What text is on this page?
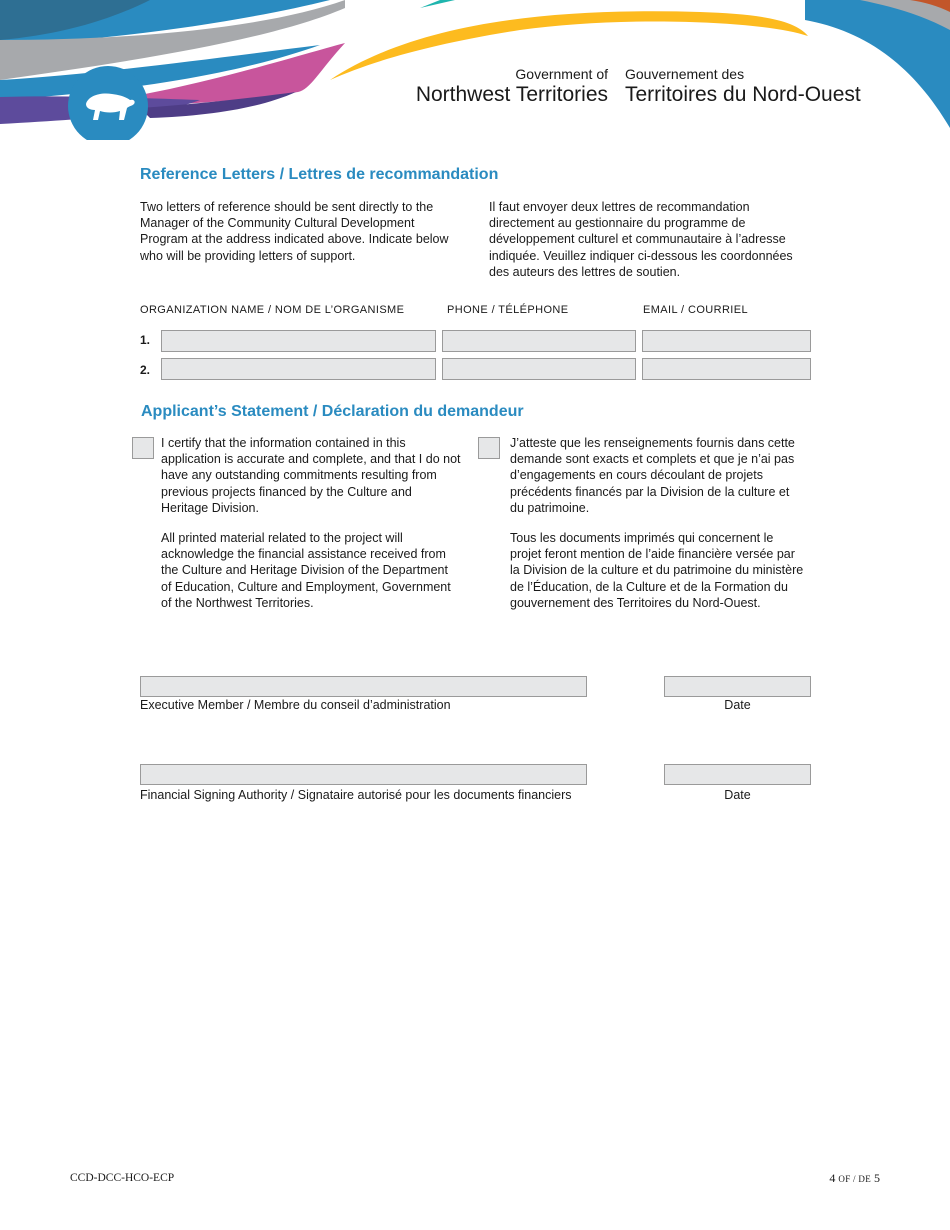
Government of
Northwest Territories
Gouvernement des
Territoires du Nord-Ouest
Reference Letters / Lettres de recommandation

Two letters of reference should be sent directly to the Manager of the Community Cultural Development Program at the address indicated above. Indicate below who will be providing letters of support.

Il faut envoyer deux lettres de recommandation directement au gestionnaire du programme de développement culturel et communautaire à l’adresse indiquée. Veuillez indiquer ci-dessous les coordonnées des auteurs des lettres de soutien.

ORGANIZATION NAME / NOM DE L’ORGANISME	PHONE / TÉLÉPHONE	EMAIL / COURRIEL
1.
2.
Applicant’s Statement / Déclaration du demandeur

I certify that the information contained in this application is accurate and complete, and that I do not have any outstanding commitments resulting from previous projects financed by the Culture and Heritage Division.

All printed material related to the project will acknowledge the financial assistance received from the Culture and Heritage Division of the Department of Education, Culture and Employment, Government of the Northwest Territories.

J’atteste que les renseignements fournis dans cette demande sont exacts et complets et que je n’ai pas d’engagements en cours découlant de projets précédents financés par la Division de la culture et du patrimoine.

Tous les documents imprimés qui concernent le projet feront mention de l’aide financière versée par la Division de la culture et du patrimoine du ministère de l’Éducation, de la Culture et de la Formation du gouvernement des Territoires du Nord-Ouest.

Executive Member / Membre du conseil d’administration	Date
Financial Signing Authority / Signataire autorisé pour les documents financiers	Date
CCD-DCC-HCO-ECP	4 OF / DE 5
